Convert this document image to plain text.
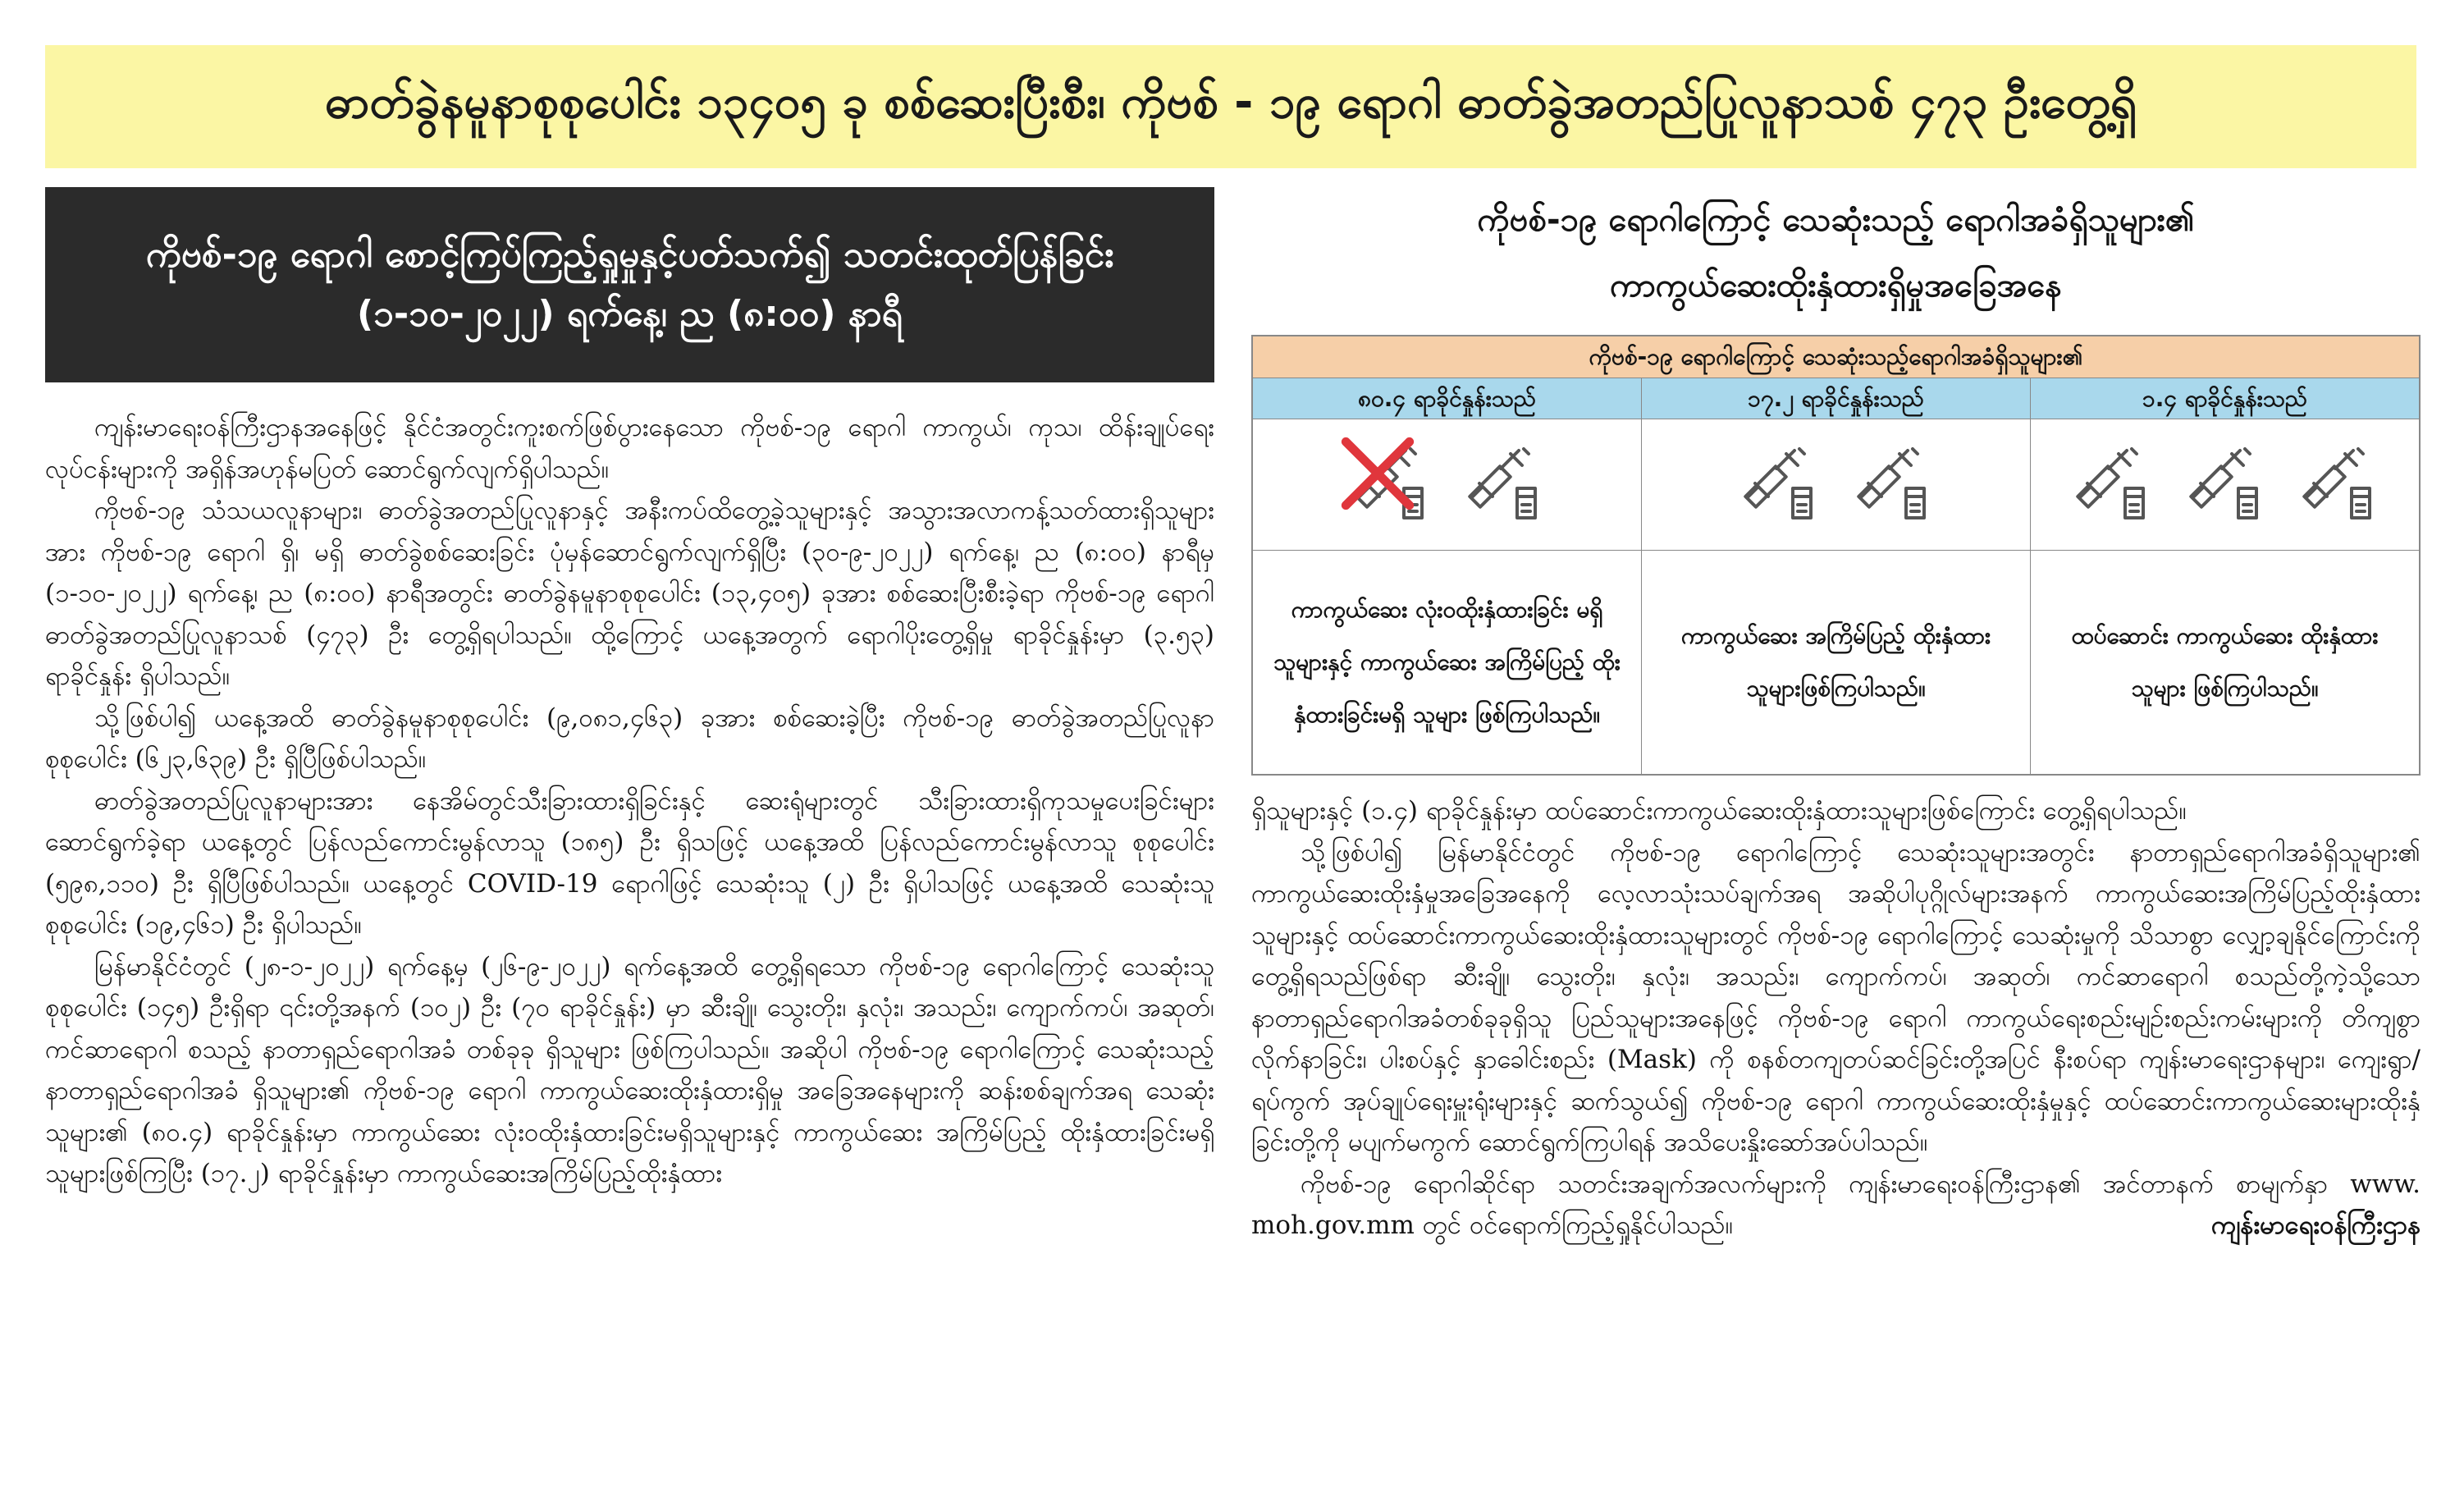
ဓာတ်ခွဲနမူနာစုစုပေါင်း ၁၃၄၀၅ ခု စစ်ဆေးပြီးစီး၊ ကိုဗစ် - ၁၉ ရောဂါ ဓာတ်ခွဲအတည်ပြုလူနာသစ် ၄၇၃ ဦးတွေ့ရှိ
ကိုဗစ်-၁၉ ရောဂါ စောင့်ကြပ်ကြည့်ရှုမှုနှင့်ပတ်သက်၍ သတင်းထုတ်ပြန်ခြင်း
(၁-၁၀-၂၀၂၂) ရက်နေ့၊ ည (၈:၀၀) နာရီ

ကျန်းမာရေးဝန်ကြီးဌာနအနေဖြင့် နိုင်ငံအတွင်းကူးစက်ဖြစ်ပွားနေသော ကိုဗစ်-၁၉ ရောဂါ ကာကွယ်၊ ကုသ၊ ထိန်းချုပ်ရေးလုပ်ငန်းများကို အရှိန်အဟုန်မပြတ် ဆောင်ရွက်လျက်ရှိပါသည်။

ကိုဗစ်-၁၉ သံသယလူနာများ၊ ဓာတ်ခွဲအတည်ပြုလူနာနှင့် အနီးကပ်ထိတွေ့ခဲ့သူများနှင့် အသွားအလာကန့်သတ်ထားရှိသူများအား ကိုဗစ်-၁၉ ရောဂါ ရှိ၊ မရှိ ဓာတ်ခွဲစစ်ဆေးခြင်း ပုံမှန်ဆောင်ရွက်လျက်ရှိပြီး (၃၀-၉-၂၀၂၂) ရက်နေ့၊ ည (၈:၀၀) နာရီမှ (၁-၁၀-၂၀၂၂) ရက်နေ့၊ ည (၈:၀၀) နာရီအတွင်း ဓာတ်ခွဲနမူနာစုစုပေါင်း (၁၃,၄၀၅) ခုအား စစ်ဆေးပြီးစီးခဲ့ရာ ကိုဗစ်-၁၉ ရောဂါ ဓာတ်ခွဲအတည်ပြုလူနာသစ် (၄၇၃) ဦး တွေ့ရှိရပါသည်။ ထို့ကြောင့် ယနေ့အတွက် ရောဂါပိုးတွေ့ရှိမှု ရာခိုင်နှုန်းမှာ (၃.၅၃) ရာခိုင်နှုန်း ရှိပါသည်။

သို့ဖြစ်ပါ၍ ယနေ့အထိ ဓာတ်ခွဲနမူနာစုစုပေါင်း (၉,၀၈၁,၄၆၃) ခုအား စစ်ဆေးခဲ့ပြီး ကိုဗစ်-၁၉ ဓာတ်ခွဲအတည်ပြုလူနာ စုစုပေါင်း (၆၂၃,၆၃၉) ဦး ရှိပြီဖြစ်ပါသည်။

ဓာတ်ခွဲအတည်ပြုလူနာများအား နေအိမ်တွင်သီးခြားထားရှိခြင်းနှင့် ဆေးရုံများတွင် သီးခြားထားရှိကုသမှုပေးခြင်းများ ဆောင်ရွက်ခဲ့ရာ ယနေ့တွင် ပြန်လည်ကောင်းမွန်လာသူ (၁၈၅) ဦး ရှိသဖြင့် ယနေ့အထိ ပြန်လည်ကောင်းမွန်လာသူ စုစုပေါင်း (၅၉၈,၁၁၀) ဦး ရှိပြီဖြစ်ပါသည်။ ယနေ့တွင် COVID-19 ရောဂါဖြင့် သေဆုံးသူ (၂) ဦး ရှိပါသဖြင့် ယနေ့အထိ သေဆုံးသူ စုစုပေါင်း (၁၉,၄၆၁) ဦး ရှိပါသည်။

မြန်မာနိုင်ငံတွင် (၂၈-၁-၂၀၂၂) ရက်နေ့မှ (၂၆-၉-၂၀၂၂) ရက်နေ့အထိ တွေ့ရှိရသော ကိုဗစ်-၁၉ ရောဂါကြောင့် သေဆုံးသူ စုစုပေါင်း (၁၄၅) ဦးရှိရာ ၎င်းတို့အနက် (၁၀၂) ဦး (၇၀ ရာခိုင်နှုန်း) မှာ ဆီးချို၊ သွေးတိုး၊ နှလုံး၊ အသည်း၊ ကျောက်ကပ်၊ အဆုတ်၊ ကင်ဆာရောဂါ စသည့် နာတာရှည်ရောဂါအခံ တစ်ခုခု ရှိသူများ ဖြစ်ကြပါသည်။ အဆိုပါ ကိုဗစ်-၁၉ ရောဂါကြောင့် သေဆုံးသည့် နာတာရှည်ရောဂါအခံ ရှိသူများ၏ ကိုဗစ်-၁၉ ရောဂါ ကာကွယ်ဆေးထိုးနှံထားရှိမှု အခြေအနေများကို ဆန်းစစ်ချက်အရ သေဆုံးသူများ၏ (၈၀.၄) ရာခိုင်နှုန်းမှာ ကာကွယ်ဆေး လုံးဝထိုးနှံထားခြင်းမရှိသူများနှင့် ကာကွယ်ဆေး အကြိမ်ပြည့် ထိုးနှံထားခြင်းမရှိသူများဖြစ်ကြပြီး (၁၇.၂) ရာခိုင်နှုန်းမှာ ကာကွယ်ဆေးအကြိမ်ပြည့်ထိုးနှံထား

ကိုဗစ်-၁၉ ရောဂါကြောင့် သေဆုံးသည့် ရောဂါအခံရှိသူများ၏
ကာကွယ်ဆေးထိုးနှံထားရှိမှုအခြေအနေ
ကိုဗစ်-၁၉ ရောဂါကြောင့် သေဆုံးသည့်ရောဂါအခံရှိသူများ၏
၈၀.၄ ရာခိုင်နှုန်းသည်	၁၇.၂ ရာခိုင်နှုန်းသည်	၁.၄ ရာခိုင်နှုန်းသည်
ကာကွယ်ဆေး လုံးဝထိုးနှံထားခြင်း မရှိသူများနှင့် ကာကွယ်ဆေး အကြိမ်ပြည့် ထိုးနှံထားခြင်းမရှိ သူများ ဖြစ်ကြပါသည်။
ကာကွယ်ဆေး အကြိမ်ပြည့် ထိုးနှံထားသူများဖြစ်ကြပါသည်။
ထပ်ဆောင်း ကာကွယ်ဆေး ထိုးနှံထားသူများ ဖြစ်ကြပါသည်။

ရှိသူများနှင့် (၁.၄) ရာခိုင်နှုန်းမှာ ထပ်ဆောင်းကာကွယ်ဆေးထိုးနှံထားသူများဖြစ်ကြောင်း တွေ့ရှိရပါသည်။

သို့ဖြစ်ပါ၍ မြန်မာနိုင်ငံတွင် ကိုဗစ်-၁၉ ရောဂါကြောင့် သေဆုံးသူများအတွင်း နာတာရှည်ရောဂါအခံရှိသူများ၏ ကာကွယ်ဆေးထိုးနှံမှုအခြေအနေကို လေ့လာသုံးသပ်ချက်အရ အဆိုပါပုဂ္ဂိုလ်များအနက် ကာကွယ်ဆေးအကြိမ်ပြည့်ထိုးနှံထားသူများနှင့် ထပ်ဆောင်းကာကွယ်ဆေးထိုးနှံထားသူများတွင် ကိုဗစ်-၁၉ ရောဂါကြောင့် သေဆုံးမှုကို သိသာစွာ လျှော့ချနိုင်ကြောင်းကို တွေ့ရှိရသည်ဖြစ်ရာ ဆီးချို၊ သွေးတိုး၊ နှလုံး၊ အသည်း၊ ကျောက်ကပ်၊ အဆုတ်၊ ကင်ဆာရောဂါ စသည်တို့ကဲ့သို့သော နာတာရှည်ရောဂါအခံတစ်ခုခုရှိသူ ပြည်သူများအနေဖြင့် ကိုဗစ်-၁၉ ရောဂါ ကာကွယ်ရေးစည်းမျဉ်းစည်းကမ်းများကို တိကျစွာ လိုက်နာခြင်း၊ ပါးစပ်နှင့် နှာခေါင်းစည်း (Mask) ကို စနစ်တကျတပ်ဆင်ခြင်းတို့အပြင် နီးစပ်ရာ ကျန်းမာရေးဌာနများ၊ ကျေးရွာ/ ရပ်ကွက် အုပ်ချုပ်ရေးမှူးရုံးများနှင့် ဆက်သွယ်၍ ကိုဗစ်-၁၉ ရောဂါ ကာကွယ်ဆေးထိုးနှံမှုနှင့် ထပ်ဆောင်းကာကွယ်ဆေးများထိုးနှံခြင်းတို့ကို မပျက်မကွက် ဆောင်ရွက်ကြပါရန် အသိပေးနှိုးဆော်အပ်ပါသည်။

ကိုဗစ်-၁၉ ရောဂါဆိုင်ရာ သတင်းအချက်အလက်များကို ကျန်းမာရေးဝန်ကြီးဌာန၏ အင်တာနက် စာမျက်နှာ www. moh.gov.mm တွင် ဝင်ရောက်ကြည့်ရှုနိုင်ပါသည်။	ကျန်းမာရေးဝန်ကြီးဌာန
